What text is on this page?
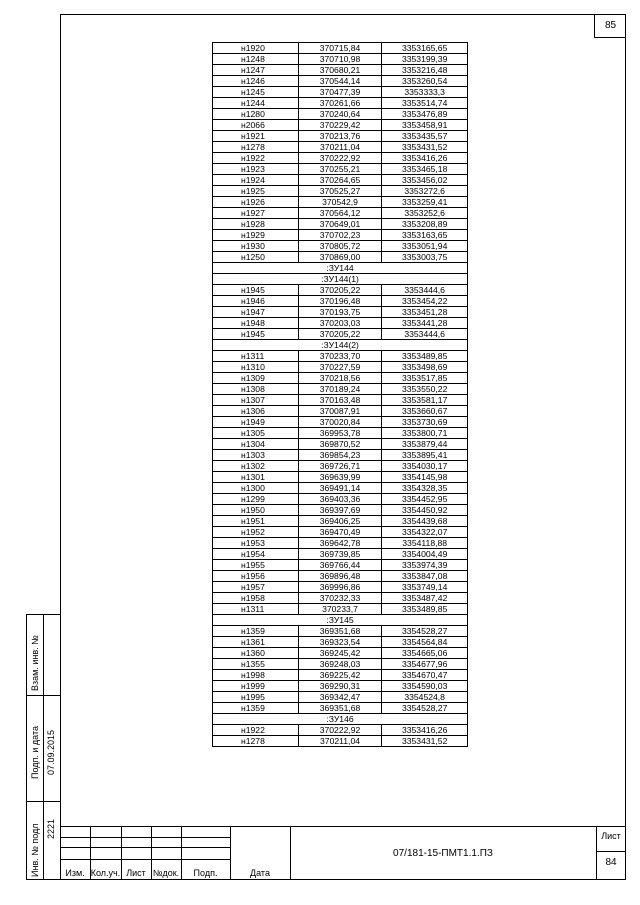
85
Взам. инв. №
Подп. и дата 07.09.2015
Инв. № подл 2221
н1920	370715,84	3353165,65
н1248	370710,98	3353199,39
н1247	370680,21	3353216,48
н1246	370544,14	3353260,54
н1245	370477,39	3353333,3
н1244	370261,66	3353514,74
н1280	370240,64	3353476,89
н2066	370229,42	3353458,91
н1921	370213,76	3353435,57
н1278	370211,04	3353431,52
н1922	370222,92	3353416,26
н1923	370255,21	3353465,18
н1924	370264,65	3353456,02
н1925	370525,27	3353272,6
н1926	370542,9	3353259,41
н1927	370564,12	3353252,6
н1928	370649,01	3353208,89
н1929	370702,23	3353163,65
н1930	370805,72	3353051,94
н1250	370869,00	3353003,75
:ЗУ144		
:ЗУ144(1)		
н1945	370205,22	3353444,6
н1946	370196,48	3353454,22
н1947	370193,75	3353451,28
н1948	370203,03	3353441,28
н1945	370205,22	3353444,6
:ЗУ144(2)		
н1311	370233,70	3353489,85
н1310	370227,59	3353498,69
н1309	370218,56	3353517,85
н1308	370189,24	3353550,22
н1307	370163,48	3353581,17
н1306	370087,91	3353660,67
н1949	370020,84	3353730,69
н1305	369953,78	3353800,71
н1304	369870,52	3353879,44
н1303	369854,23	3353895,41
н1302	369726,71	3354030,17
н1301	369639,99	3354145,98
н1300	369491,14	3354328,35
н1299	369403,36	3354452,95
н1950	369397,69	3354450,92
н1951	369406,25	3354439,68
н1952	369470,49	3354322,07
н1953	369642,78	3354118,88
н1954	369739,85	3354004,49
н1955	369766,44	3353974,39
н1956	369896,48	3353847,08
н1957	369996,86	3353749,14
н1958	370232,33	3353487,42
н1311	370233,7	3353489,85
:ЗУ145		
н1359	369351,68	3354528,27
н1361	369323,54	3354564,84
н1360	369245,42	3354665,06
н1355	369248,03	3354677,96
н1998	369225,42	3354670,47
н1999	369290,31	3354590,03
н1995	369342,47	3354524,8
н1359	369351,68	3354528,27
:ЗУ146		
н1922	370222,92	3353416,26
н1278	370211,04	3353431,52
Изм. Кол.уч. Лист №док.	Подп.	Дата
07/181-15-ПМТ1.1.ПЗ
Лист
84
